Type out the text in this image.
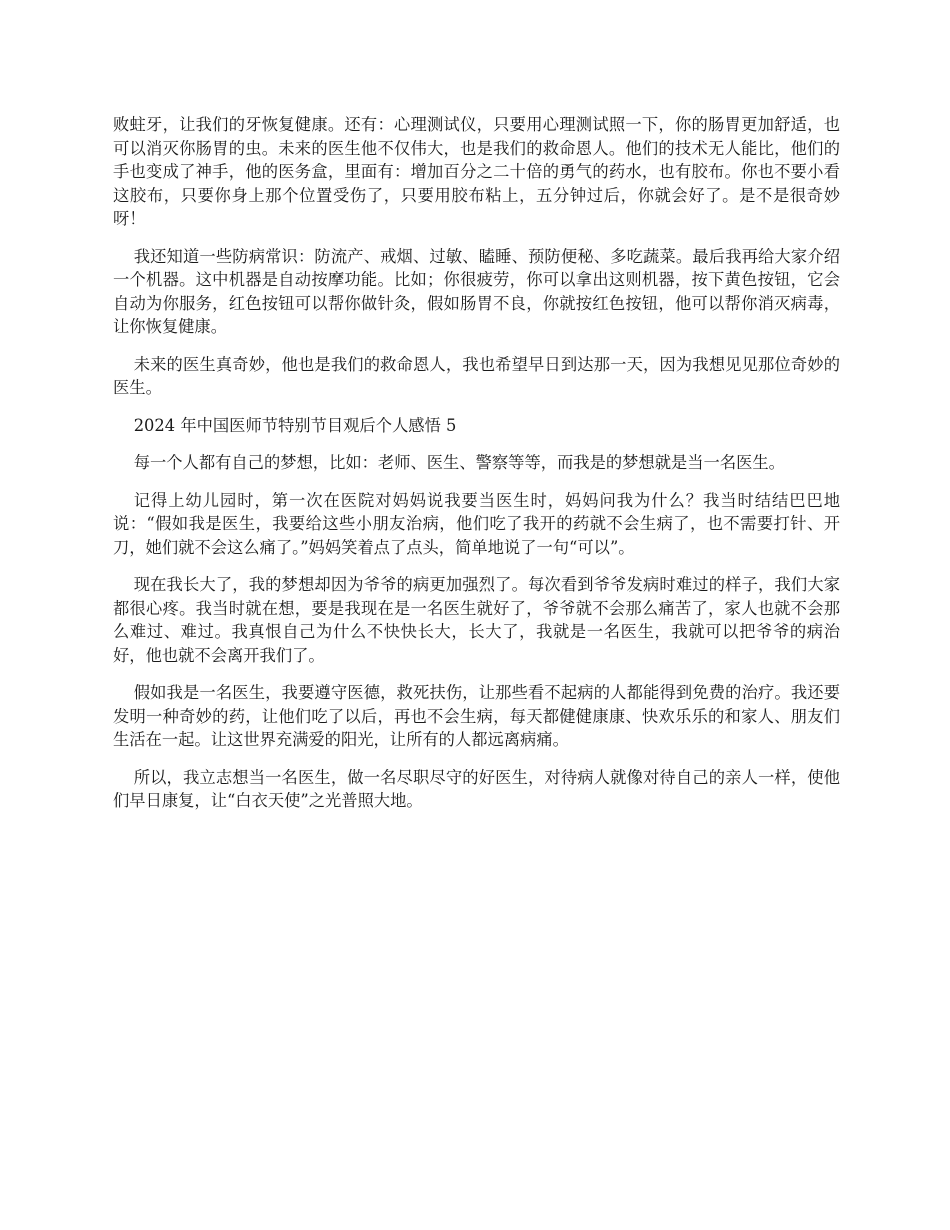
败蛀牙，让我们的牙恢复健康。还有：心理测试仪，只要用心理测试照一下，你的肠胃更加舒适，也可以消灭你肠胃的虫。未来的医生他不仅伟大，也是我们的救命恩人。他们的技术无人能比，他们的手也变成了神手，他的医务盒，里面有：增加百分之二十倍的勇气的药水，也有胶布。你也不要小看这胶布，只要你身上那个位置受伤了，只要用胶布粘上，五分钟过后，你就会好了。是不是很奇妙呀！

我还知道一些防病常识：防流产、戒烟、过敏、瞌睡、预防便秘、多吃蔬菜。最后我再给大家介绍一个机器。这中机器是自动按摩功能。比如；你很疲劳，你可以拿出这则机器，按下黄色按钮，它会自动为你服务，红色按钮可以帮你做针灸，假如肠胃不良，你就按红色按钮，他可以帮你消灭病毒，让你恢复健康。

未来的医生真奇妙，他也是我们的救命恩人，我也希望早日到达那一天，因为我想见见那位奇妙的医生。

2024 年中国医师节特别节目观后个人感悟 5

每一个人都有自己的梦想，比如：老师、医生、警察等等，而我是的梦想就是当一名医生。

记得上幼儿园时，第一次在医院对妈妈说我要当医生时，妈妈问我为什么？我当时结结巴巴地说：“假如我是医生，我要给这些小朋友治病，他们吃了我开的药就不会生病了，也不需要打针、开刀，她们就不会这么痛了。”妈妈笑着点了点头，简单地说了一句“可以”。

现在我长大了，我的梦想却因为爷爷的病更加强烈了。每次看到爷爷发病时难过的样子，我们大家都很心疼。我当时就在想，要是我现在是一名医生就好了，爷爷就不会那么痛苦了，家人也就不会那么难过、难过。我真恨自己为什么不快快长大，长大了，我就是一名医生，我就可以把爷爷的病治好，他也就不会离开我们了。

假如我是一名医生，我要遵守医德，救死扶伤，让那些看不起病的人都能得到免费的治疗。我还要发明一种奇妙的药，让他们吃了以后，再也不会生病，每天都健健康康、快欢乐乐的和家人、朋友们生活在一起。让这世界充满爱的阳光，让所有的人都远离病痛。

所以，我立志想当一名医生，做一名尽职尽守的好医生，对待病人就像对待自己的亲人一样，使他们早日康复，让“白衣天使”之光普照大地。
